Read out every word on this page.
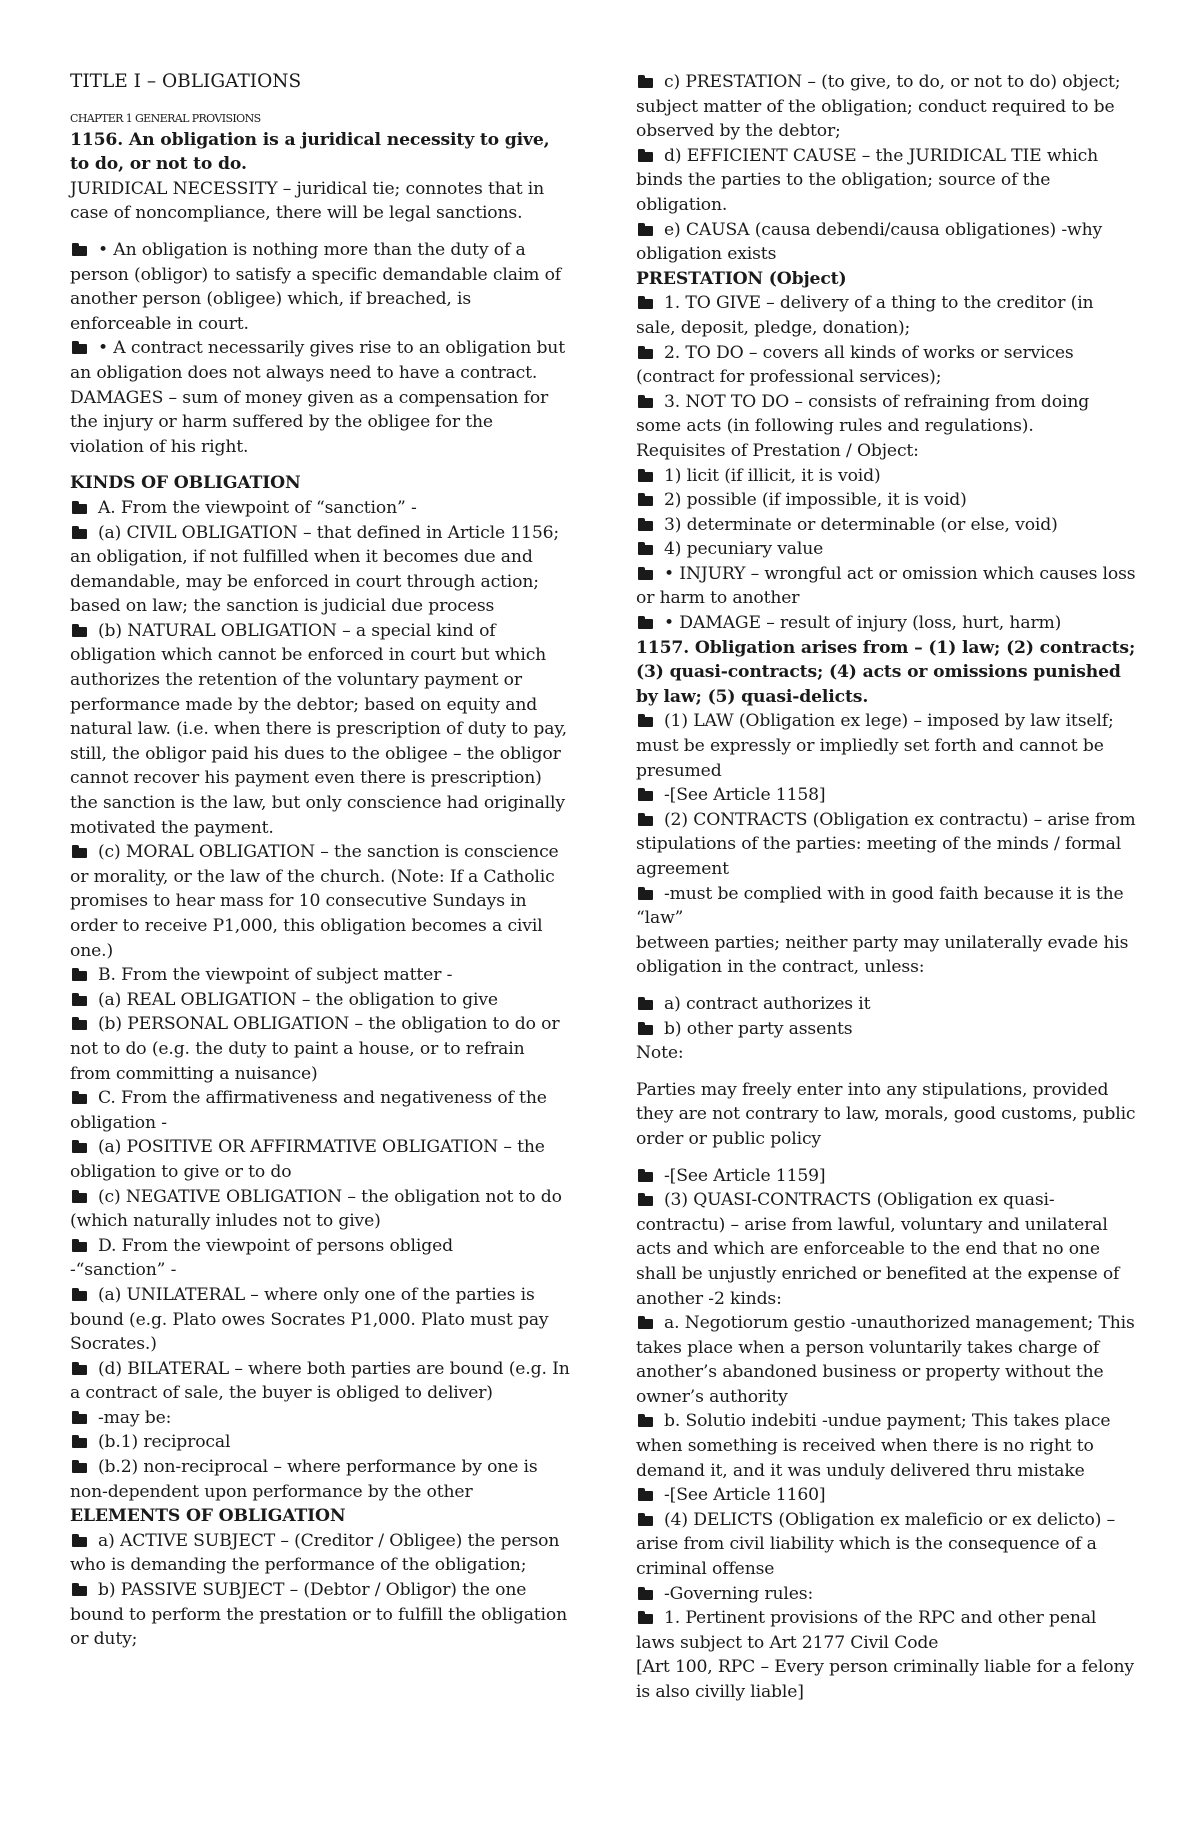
TITLE I – OBLIGATIONS
CHAPTER 1 GENERAL PROVISIONS
1156. An obligation is a juridical necessity to give, to do, or not to do.
JURIDICAL NECESSITY – juridical tie; connotes that in case of noncompliance, there will be legal sanctions.
• An obligation is nothing more than the duty of a person (obligor) to satisfy a specific demandable claim of another person (obligee) which, if breached, is enforceable in court.
• A contract necessarily gives rise to an obligation but an obligation does not always need to have a contract.
DAMAGES – sum of money given as a compensation for the injury or harm suffered by the obligee for the violation of his right.
KINDS OF OBLIGATION
A. From the viewpoint of “sanction” -
(a) CIVIL OBLIGATION – that defined in Article 1156; an obligation, if not fulfilled when it becomes due and demandable, may be enforced in court through action; based on law; the sanction is judicial due process
(b) NATURAL OBLIGATION – a special kind of obligation which cannot be enforced in court but which authorizes the retention of the voluntary payment or performance made by the debtor; based on equity and natural law. (i.e. when there is prescription of duty to pay, still, the obligor paid his dues to the obligee – the obligor cannot recover his payment even there is prescription) the sanction is the law, but only conscience had originally motivated the payment.
(c) MORAL OBLIGATION – the sanction is conscience or morality, or the law of the church. (Note: If a Catholic promises to hear mass for 10 consecutive Sundays in order to receive P1,000, this obligation becomes a civil one.)
B. From the viewpoint of subject matter -
(a) REAL OBLIGATION – the obligation to give
(b) PERSONAL OBLIGATION – the obligation to do or not to do (e.g. the duty to paint a house, or to refrain from committing a nuisance)
C. From the affirmativeness and negativeness of the obligation -
(a) POSITIVE OR AFFIRMATIVE OBLIGATION – the obligation to give or to do
(c) NEGATIVE OBLIGATION – the obligation not to do (which naturally inludes not to give)
D. From the viewpoint of persons obliged
-“sanction” -
(a) UNILATERAL – where only one of the parties is bound (e.g. Plato owes Socrates P1,000. Plato must pay Socrates.)
(d) BILATERAL – where both parties are bound (e.g. In a contract of sale, the buyer is obliged to deliver)
-may be:
(b.1) reciprocal
(b.2) non-reciprocal – where performance by one is non-dependent upon performance by the other
ELEMENTS OF OBLIGATION
a) ACTIVE SUBJECT – (Creditor / Obligee) the person who is demanding the performance of the obligation;
b) PASSIVE SUBJECT – (Debtor / Obligor) the one bound to perform the prestation or to fulfill the obligation or duty;
c) PRESTATION – (to give, to do, or not to do) object; subject matter of the obligation; conduct required to be observed by the debtor;
d) EFFICIENT CAUSE – the JURIDICAL TIE which binds the parties to the obligation; source of the obligation.
e) CAUSA (causa debendi/causa obligationes) -why obligation exists
PRESTATION (Object)
1. TO GIVE – delivery of a thing to the creditor (in sale, deposit, pledge, donation);
2. TO DO – covers all kinds of works or services (contract for professional services);
3. NOT TO DO – consists of refraining from doing some acts (in following rules and regulations).
Requisites of Prestation / Object:
1) licit (if illicit, it is void)
2) possible (if impossible, it is void)
3) determinate or determinable (or else, void)
4) pecuniary value
• INJURY – wrongful act or omission which causes loss or harm to another
• DAMAGE – result of injury (loss, hurt, harm)
1157. Obligation arises from – (1) law; (2) contracts; (3) quasi-contracts; (4) acts or omissions punished by law; (5) quasi-delicts.
(1) LAW (Obligation ex lege) – imposed by law itself; must be expressly or impliedly set forth and cannot be presumed
-[See Article 1158]
(2) CONTRACTS (Obligation ex contractu) – arise from stipulations of the parties: meeting of the minds / formal agreement
-must be complied with in good faith because it is the “law”
between parties; neither party may unilaterally evade his obligation in the contract, unless:
a) contract authorizes it
b) other party assents
Note:
Parties may freely enter into any stipulations, provided they are not contrary to law, morals, good customs, public order or public policy
-[See Article 1159]
(3) QUASI-CONTRACTS (Obligation ex quasi-contractu) – arise from lawful, voluntary and unilateral acts and which are enforceable to the end that no one shall be unjustly enriched or benefited at the expense of another -2 kinds:
a. Negotiorum gestio -unauthorized management; This takes place when a person voluntarily takes charge of another’s abandoned business or property without the owner’s authority
b. Solutio indebiti -undue payment; This takes place when something is received when there is no right to demand it, and it was unduly delivered thru mistake
-[See Article 1160]
(4) DELICTS (Obligation ex maleficio or ex delicto) – arise from civil liability which is the consequence of a criminal offense
-Governing rules:
1. Pertinent provisions of the RPC and other penal laws subject to Art 2177 Civil Code
[Art 100, RPC – Every person criminally liable for a felony is also civilly liable]
